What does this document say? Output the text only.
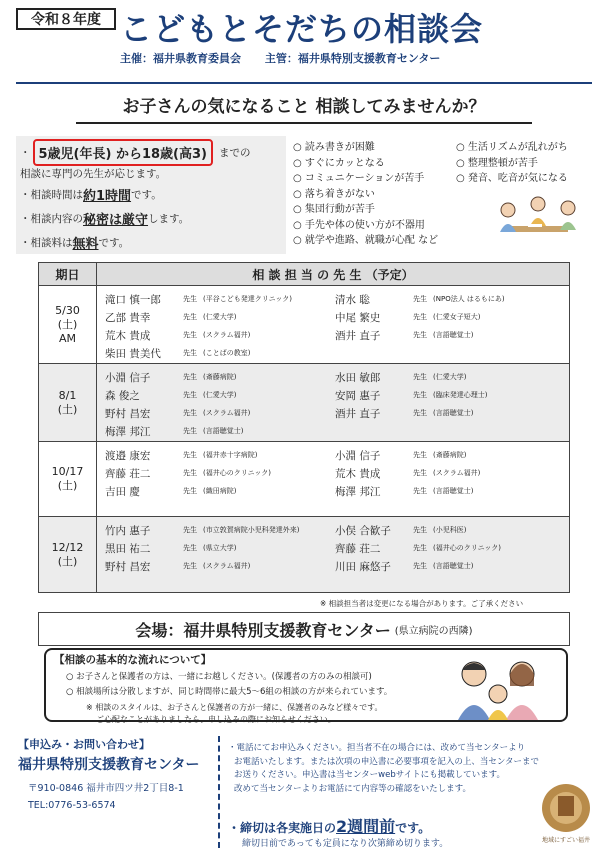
令和８年度 こどもとそだちの相談会
主催：福井県教育委員会 主管：福井県特別支援教育センター
お子さんの気になること 相談してみませんか？
・ 5歳児(年長) から18歳(高3)	までの
相談に専門の先生が応じます。
・相談時間は 約1時間 です。
・相談内容の 秘密は厳守 します。
・相談料は 無料 です。
○ 読み書きが困難
○ すぐにカッとなる
○ コミュニケーションが苦手
○ 落ち着きがない
○ 集団行動が苦手
○ 手先や体の使い方が不器用
○ 就学や進路、就職が心配 など
○ 生活リズムが乱れがち
○ 整理整頓が苦手
○ 発音、吃音が気になる
期日	相 談 担 当 の 先 生 （予定）
5/30
(土)
AM
滝口 慎一郎	先生 (平谷こども発達クリニック)	清水 聡	先生 (NPO法人 はるもにあ)
乙部 貴幸	先生 (仁愛大学)	中尾 繁史	先生 (仁愛女子短大)
荒木 貴成	先生 (スクラム福井)	酒井 直子	先生 (言語聴覚士)
柴田 貴美代	先生 (ことばの教室)
8/1
(土)
小淵 信子	先生 (斎藤病院)	水田 敏郎	先生 (仁愛大学)
森 俊之	先生 (仁愛大学)	安岡 惠子	先生 (臨床発達心理士)
野村 昌宏	先生 (スクラム福井)	酒井 直子	先生 (言語聴覚士)
梅澤 邦江	先生 (言語聴覚士)
10/17
(土)
渡邉 康宏	先生 (福井赤十字病院)	小淵 信子	先生 (斎藤病院)
齊藤 荘二	先生 (福井心のクリニック)	荒木 貴成	先生 (スクラム福井)
吉田 慶	先生 (織田病院)	梅澤 邦江	先生 (言語聴覚士)
12/12
(土)
竹内 惠子	先生 (市立敦賀病院小児科発達外来)	小俣 合歓子	先生 (小児科医)
黒田 祐二	先生 (県立大学)	齊藤 荘二	先生 (福井心のクリニック)
野村 昌宏	先生 (スクラム福井)	川田 麻悠子	先生 (言語聴覚士)
※ 相談担当者は変更になる場合があります。ご了承ください
会場：福井県特別支援教育センター (県立病院の西隣)
【相談の基本的な流れについて】
○ お子さんと保護者の方は、一緒にお越しください。(保護者の方のみの相談可)
○ 相談場所は分散しますが、同じ時間帯に最大5～6組の相談の方が来られています。
※ 相談のスタイルは、お子さんと保護者の方が一緒に、保護者のみなど様々です。
ご心配なことがありましたら、申し込みの際にお知らせください。
【申込み・お問い合わせ】
福井県特別支援教育センター
〒910-0846 福井市四ツ井2丁目8-1
TEL:0776-53-6574
・電話にてお申込みください。担当者不在の場合には、改めて当センターより
お電話いたします。または次項の申込書に必要事項を記入の上、当センターまで
お送りください。申込書は当センターwebサイトにも掲載しています。
改めて当センターよりお電話にて内容等の確認をいたします。
・締切は各実施日の2週間前です。
締切日前であっても定員になり次第締め切ります。	地域にすごい福井
